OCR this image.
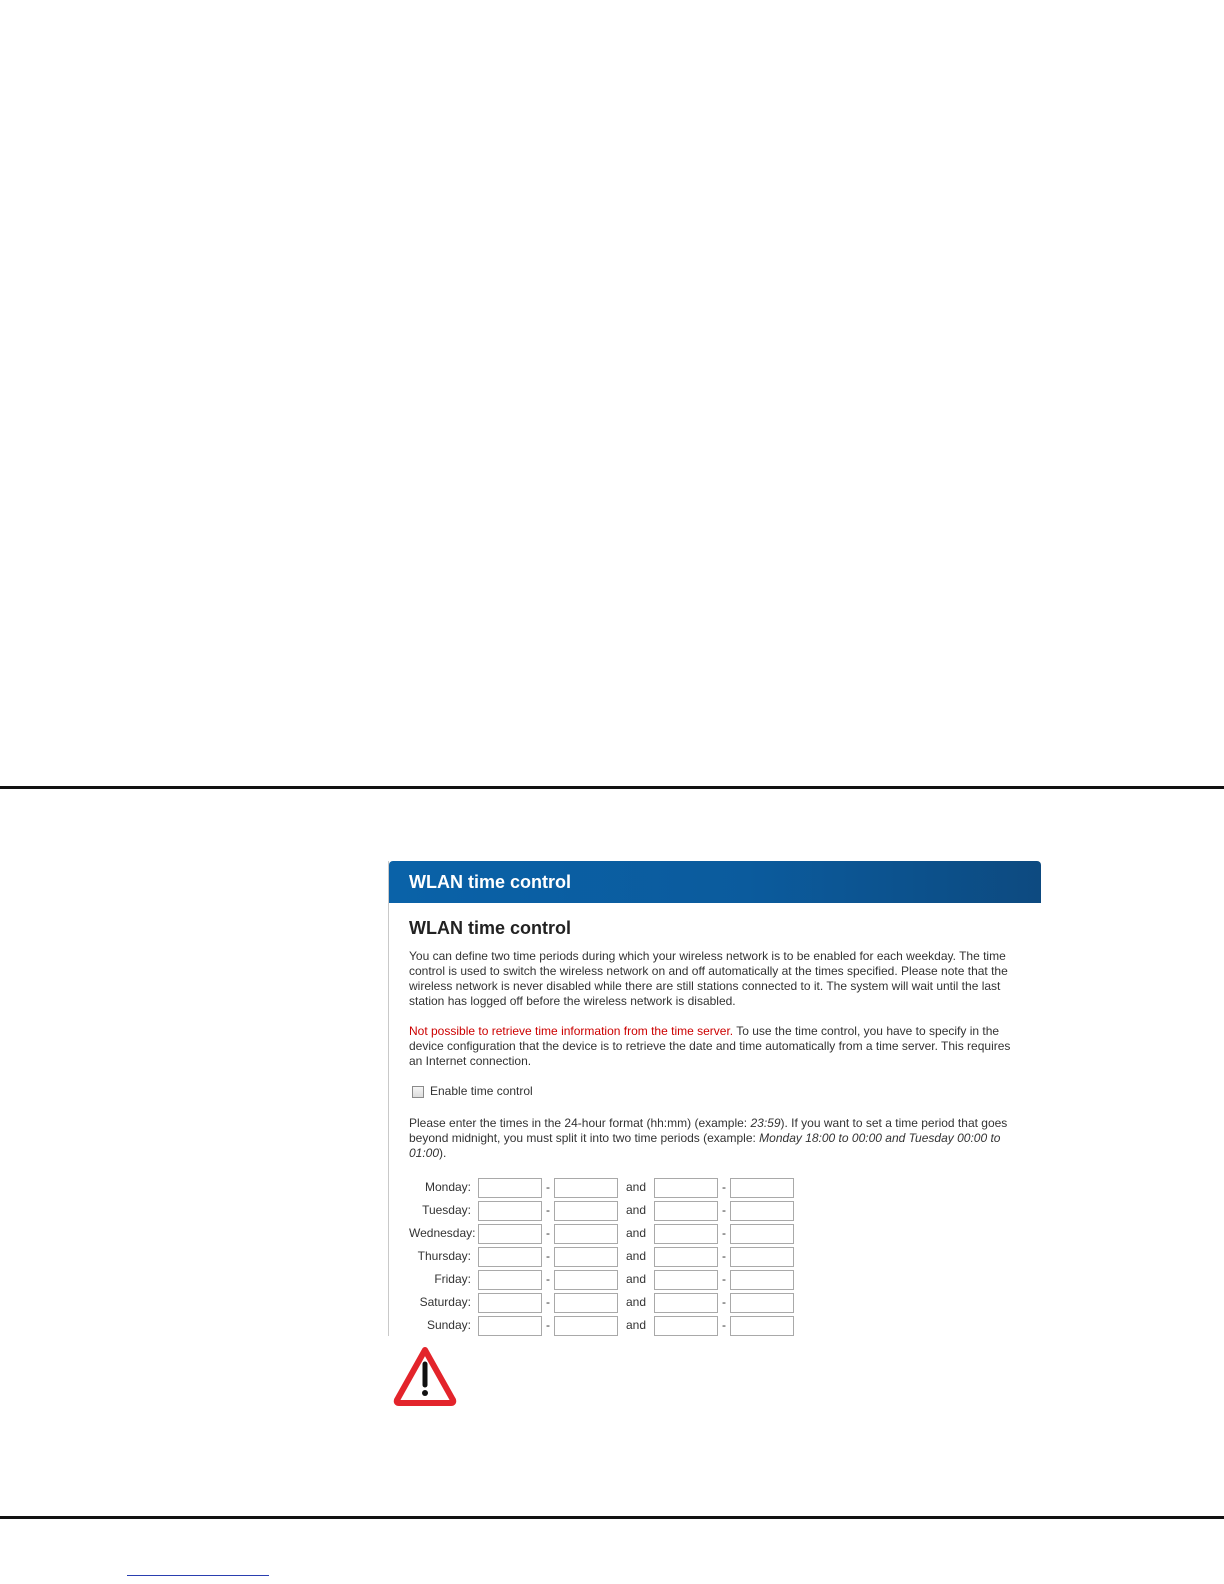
WLAN time control
WLAN time control

You can define two time periods during which your wireless network is to be enabled for each weekday. The time control is used to switch the wireless network on and off automatically at the times specified. Please note that the wireless network is never disabled while there are still stations connected to it. The system will wait until the last station has logged off before the wireless network is disabled.

Not possible to retrieve time information from the time server. To use the time control, you have to specify in the device configuration that the device is to retrieve the date and time automatically from a time server. This requires an Internet connection.

Enable time control

Please enter the times in the 24-hour format (hh:mm) (example: 23:59). If you want to set a time period that goes beyond midnight, you must split it into two time periods (example: Monday 18:00 to 00:00 and Tuesday 00:00 to 01:00).

Monday:	-	and	-
Tuesday:	-	and	-
Wednesday:	-	and	-
Thursday:	-	and	-
Friday:	-	and	-
Saturday:	-	and	-
Sunday:	-	and	-
